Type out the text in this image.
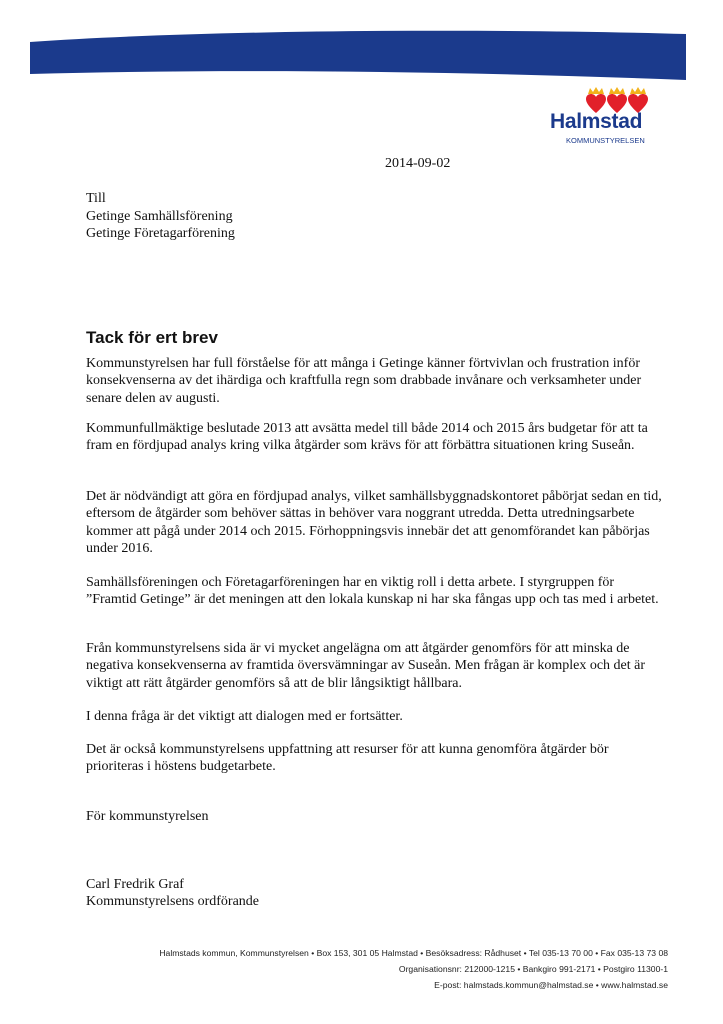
Halmstad
KOMMUNSTYRELSEN
2014-09-02
Till
Getinge Samhällsförening
Getinge Företagarförening
Tack för ert brev

Kommunstyrelsen har full förståelse för att många i Getinge känner förtvivlan och frustration inför konsekvenserna av det ihärdiga och kraftfulla regn som drabbade invånare och verksamheter under senare delen av augusti.

Kommunfullmäktige beslutade 2013 att avsätta medel till både 2014 och 2015 års budgetar för att ta fram en fördjupad analys kring vilka åtgärder som krävs för att förbättra situationen kring Suseån.

Det är nödvändigt att göra en fördjupad analys, vilket samhällsbyggnadskontoret påbörjat sedan en tid, eftersom de åtgärder som behöver sättas in behöver vara noggrant utredda. Detta utredningsarbete kommer att pågå under 2014 och 2015. Förhoppningsvis innebär det att genomförandet kan påbörjas under 2016.

Samhällsföreningen och Företagarföreningen har en viktig roll i detta arbete. I styrgruppen för ”Framtid Getinge” är det meningen att den lokala kunskap ni har ska fångas upp och tas med i arbetet.

Från kommunstyrelsens sida är vi mycket angelägna om att åtgärder genomförs för att minska de negativa konsekvenserna av framtida översvämningar av Suseån. Men frågan är komplex och det är viktigt att rätt åtgärder genomförs så att de blir långsiktigt hållbara.

I denna fråga är det viktigt att dialogen med er fortsätter.

Det är också kommunstyrelsens uppfattning att resurser för att kunna genomföra åtgärder bör prioriteras i höstens budgetarbete.

För kommunstyrelsen
Carl Fredrik Graf
Kommunstyrelsens ordförande
Halmstads kommun, Kommunstyrelsen • Box 153, 301 05 Halmstad • Besöksadress: Rådhuset • Tel 035-13 70 00 • Fax 035-13 73 08
Organisationsnr: 212000-1215 • Bankgiro 991-2171 • Postgiro 11300-1
E-post: halmstads.kommun@halmstad.se • www.halmstad.se
